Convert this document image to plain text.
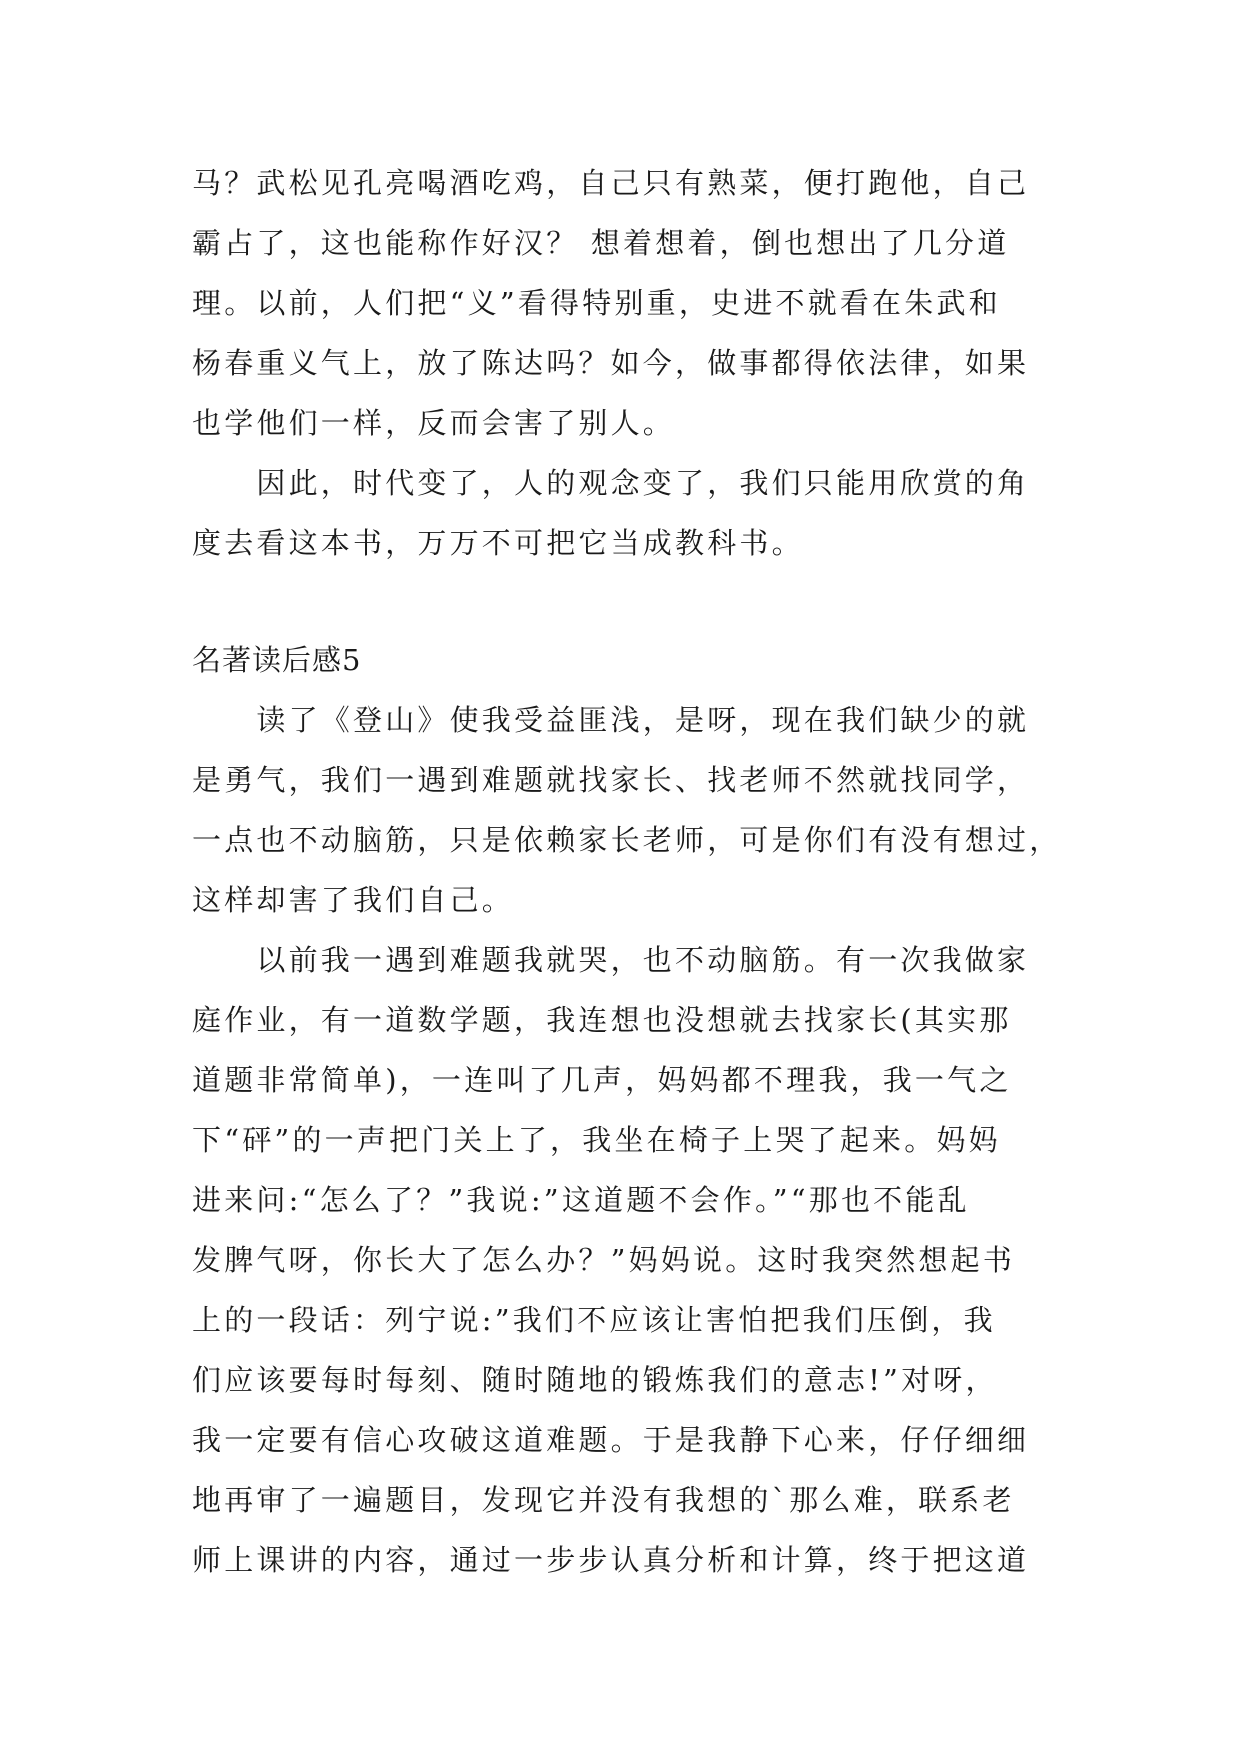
马？武松见孔亮喝酒吃鸡，自己只有熟菜，便打跑他，自己
霸占了，这也能称作好汉？ 想着想着，倒也想出了几分道
理。以前，人们把“义”看得特别重，史进不就看在朱武和
杨春重义气上，放了陈达吗？如今，做事都得依法律，如果
也学他们一样，反而会害了别人。
　　因此，时代变了，人的观念变了，我们只能用欣赏的角
度去看这本书，万万不可把它当成教科书。
名著读后感5
　　读了《登山》使我受益匪浅，是呀，现在我们缺少的就
是勇气，我们一遇到难题就找家长、找老师不然就找同学，
一点也不动脑筋，只是依赖家长老师，可是你们有没有想过，
这样却害了我们自己。
　　以前我一遇到难题我就哭，也不动脑筋。有一次我做家
庭作业，有一道数学题，我连想也没想就去找家长(其实那
道题非常简单)，一连叫了几声，妈妈都不理我，我一气之
下“砰”的一声把门关上了，我坐在椅子上哭了起来。妈妈
进来问:“怎么了？”我说:”这道题不会作。”“那也不能乱
发脾气呀，你长大了怎么办？”妈妈说。这时我突然想起书
上的一段话：列宁说:”我们不应该让害怕把我们压倒，我
们应该要每时每刻、随时随地的锻炼我们的意志!”对呀，
我一定要有信心攻破这道难题。于是我静下心来，仔仔细细
地再审了一遍题目，发现它并没有我想的`那么难，联系老
师上课讲的内容，通过一步步认真分析和计算，终于把这道
